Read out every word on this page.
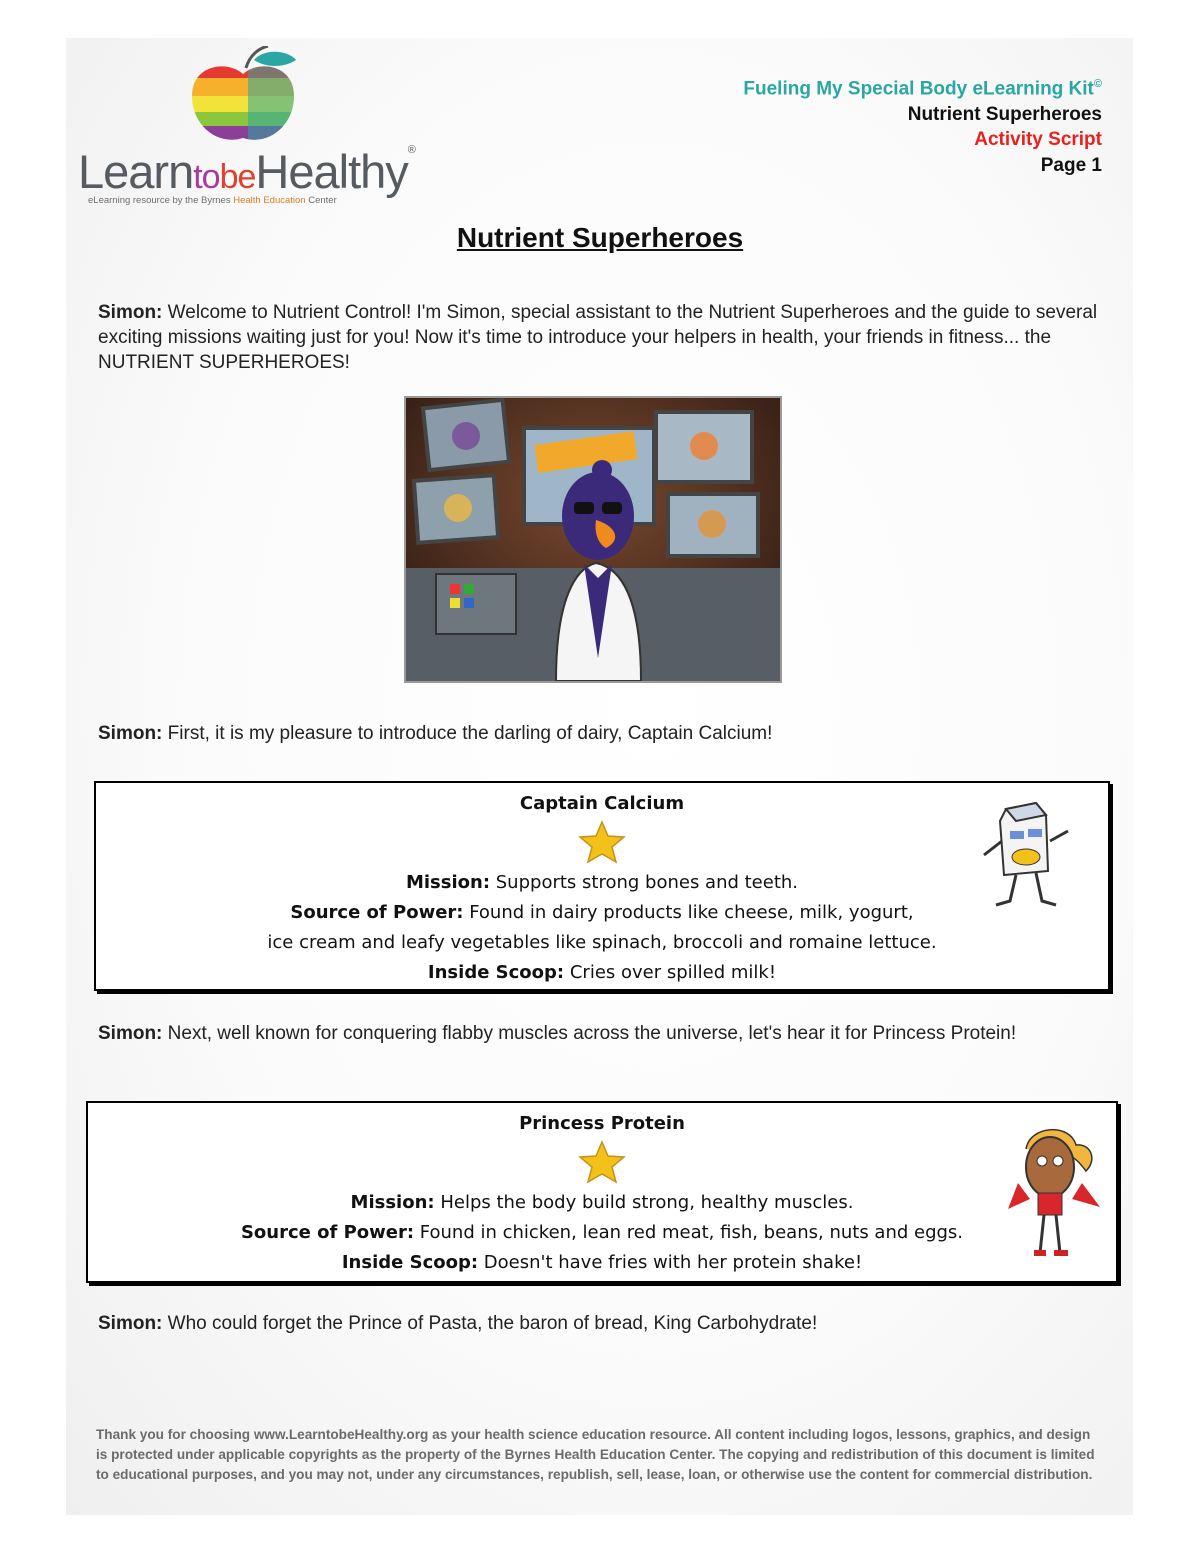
LearntobeHealthy®
eLearning resource by the Byrnes Health Education Center
Fueling My Special Body eLearning Kit©
Nutrient Superheroes
Activity Script
Page 1
Nutrient Superheroes
Simon: Welcome to Nutrient Control! I'm Simon, special assistant to the Nutrient Superheroes and the guide to several exciting missions waiting just for you! Now it's time to introduce your helpers in health, your friends in fitness... the NUTRIENT SUPERHEROES!
Simon: First, it is my pleasure to introduce the darling of dairy, Captain Calcium!
Captain Calcium
Mission: Supports strong bones and teeth.
Source of Power: Found in dairy products like cheese, milk, yogurt,
ice cream and leafy vegetables like spinach, broccoli and romaine lettuce.
Inside Scoop: Cries over spilled milk!
Simon: Next, well known for conquering flabby muscles across the universe, let's hear it for Princess Protein!
Princess Protein
Mission: Helps the body build strong, healthy muscles.
Source of Power: Found in chicken, lean red meat, fish, beans, nuts and eggs.
Inside Scoop: Doesn't have fries with her protein shake!
Simon: Who could forget the Prince of Pasta, the baron of bread, King Carbohydrate!
Thank you for choosing www.LearntobeHealthy.org as your health science education resource. All content including logos, lessons, graphics, and design is protected under applicable copyrights as the property of the Byrnes Health Education Center. The copying and redistribution of this document is limited to educational purposes, and you may not, under any circumstances, republish, sell, lease, loan, or otherwise use the content for commercial distribution.
